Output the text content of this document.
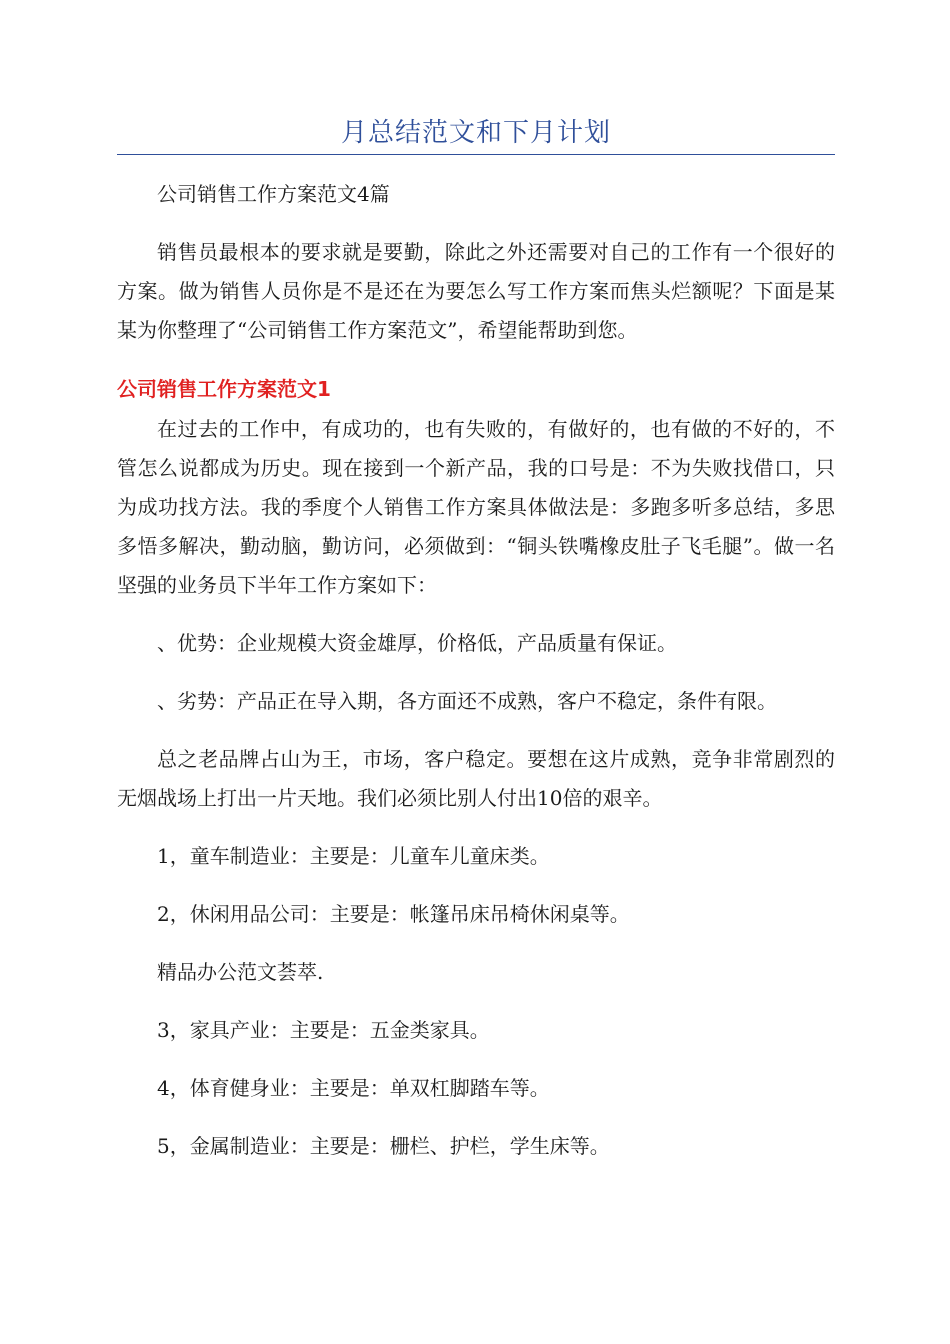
月总结范文和下月计划

公司销售工作方案范文4篇

销售员最根本的要求就是要勤，除此之外还需要对自己的工作有一个很好的方案。做为销售人员你是不是还在为要怎么写工作方案而焦头烂额呢？下面是某某为你整理了“公司销售工作方案范文”，希望能帮助到您。

公司销售工作方案范文1

在过去的工作中，有成功的，也有失败的，有做好的，也有做的不好的，不管怎么说都成为历史。现在接到一个新产品，我的口号是：不为失败找借口，只为成功找方法。我的季度个人销售工作方案具体做法是：多跑多听多总结，多思多悟多解决，勤动脑，勤访问，必须做到：“铜头铁嘴橡皮肚子飞毛腿”。做一名坚强的业务员下半年工作方案如下：

、优势：企业规模大资金雄厚，价格低，产品质量有保证。

、劣势：产品正在导入期，各方面还不成熟，客户不稳定，条件有限。

总之老品牌占山为王，市场，客户稳定。要想在这片成熟，竞争非常剧烈的无烟战场上打出一片天地。我们必须比别人付出10倍的艰辛。

1，童车制造业：主要是：儿童车儿童床类。

2，休闲用品公司：主要是：帐篷吊床吊椅休闲桌等。

精品办公范文荟萃.

3，家具产业：主要是：五金类家具。

4，体育健身业：主要是：单双杠脚踏车等。

5，金属制造业：主要是：栅栏、护栏，学生床等。
